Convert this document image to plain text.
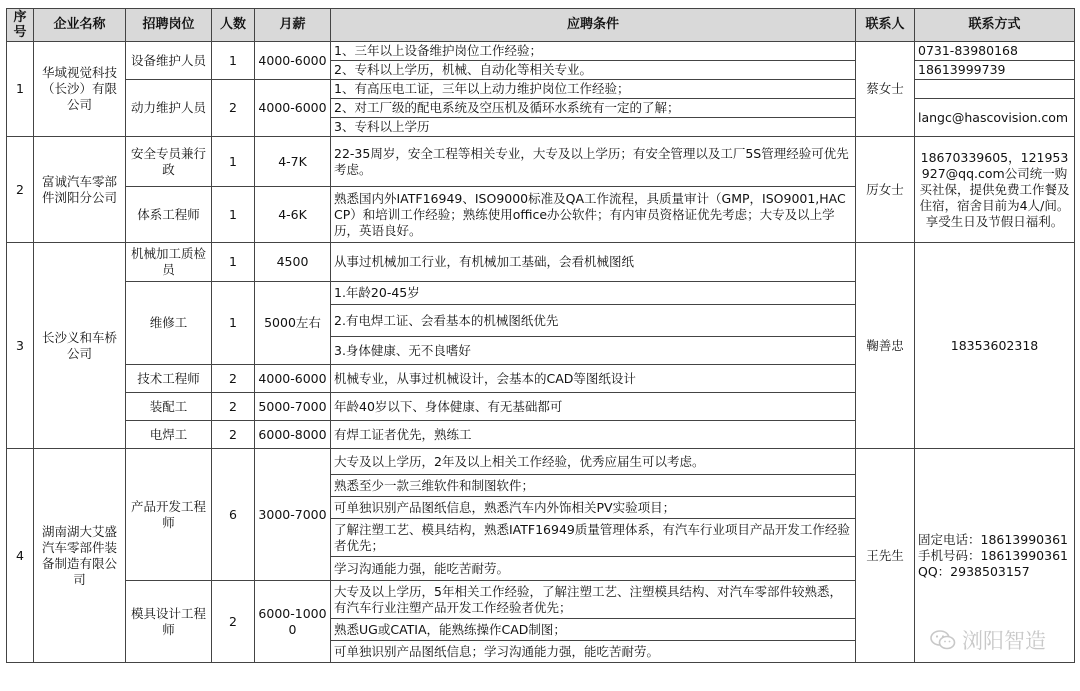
序号	企业名称	招聘岗位	人数	月薪	应聘条件	联系人	联系方式
1	华域视觉科技（长沙）有限公司	设备维护人员	1	4000-6000	1、三年以上设备维护岗位工作经验；	蔡女士	0731-83980168
					2、专科以上学历，机械、自动化等相关专业。		18613999739
		动力维护人员	2	4000-6000	1、有高压电工证，三年以上动力维护岗位工作经验；		
					2、对工厂级的配电系统及空压机及循环水系统有一定的了解；		langc@hascovision.com
					3、专科以上学历		
2	富诚汽车零部件浏阳分公司	安全专员兼行政	1	4-7K	22-35周岁，安全工程等相关专业，大专及以上学历；有安全管理以及工厂5S管理经验可优先考虑。	厉女士	18670339605，121953927@qq.com公司统一购买社保，提供免费工作餐及住宿，宿舍目前为4人/间。享受生日及节假日福利。
		体系工程师	1	4-6K	熟悉国内外IATF16949、ISO9000标准及QA工作流程，具质量审计（GMP，ISO9001,HACCP）和培训工作经验；熟练使用office办公软件；有内审员资格证优先考虑；大专及以上学历，英语良好。		
3	长沙义和车桥公司	机械加工质检员	1	4500	从事过机械加工行业，有机械加工基础，会看机械图纸	鞠善忠	18353602318
		维修工	1	5000左右	1.年龄20-45岁		
					2.有电焊工证、会看基本的机械图纸优先		
					3.身体健康、无不良嗜好		
		技术工程师	2	4000-6000	机械专业，从事过机械设计，会基本的CAD等图纸设计		
		装配工	2	5000-7000	年龄40岁以下、身体健康、有无基础都可		
		电焊工	2	6000-8000	有焊工证者优先，熟练工		
4	湖南湖大艾盛汽车零部件装备制造有限公司	产品开发工程师	6	3000-7000	大专及以上学历，2年及以上相关工作经验，优秀应届生可以考虑。	王先生	固定电话：18613990361
手机号码：18613990361
QQ：2938503157

					熟悉至少一款三维软件和制图软件；		
					可单独识别产品图纸信息，熟悉汽车内外饰相关PV实验项目；		
					了解注塑工艺、模具结构，熟悉IATF16949质量管理体系，有汽车行业项目产品开发工作经验者优先；		
					学习沟通能力强，能吃苦耐劳。		
		模具设计工程师	2	6000-10000	大专及以上学历，5年相关工作经验，了解注塑工艺、注塑模具结构、对汽车零部件较熟悉，有汽车行业注塑产品开发工作经验者优先；		
					熟悉UG或CATIA，能熟练操作CAD制图；		
					可单独识别产品图纸信息；学习沟通能力强，能吃苦耐劳。			浏阳智造
